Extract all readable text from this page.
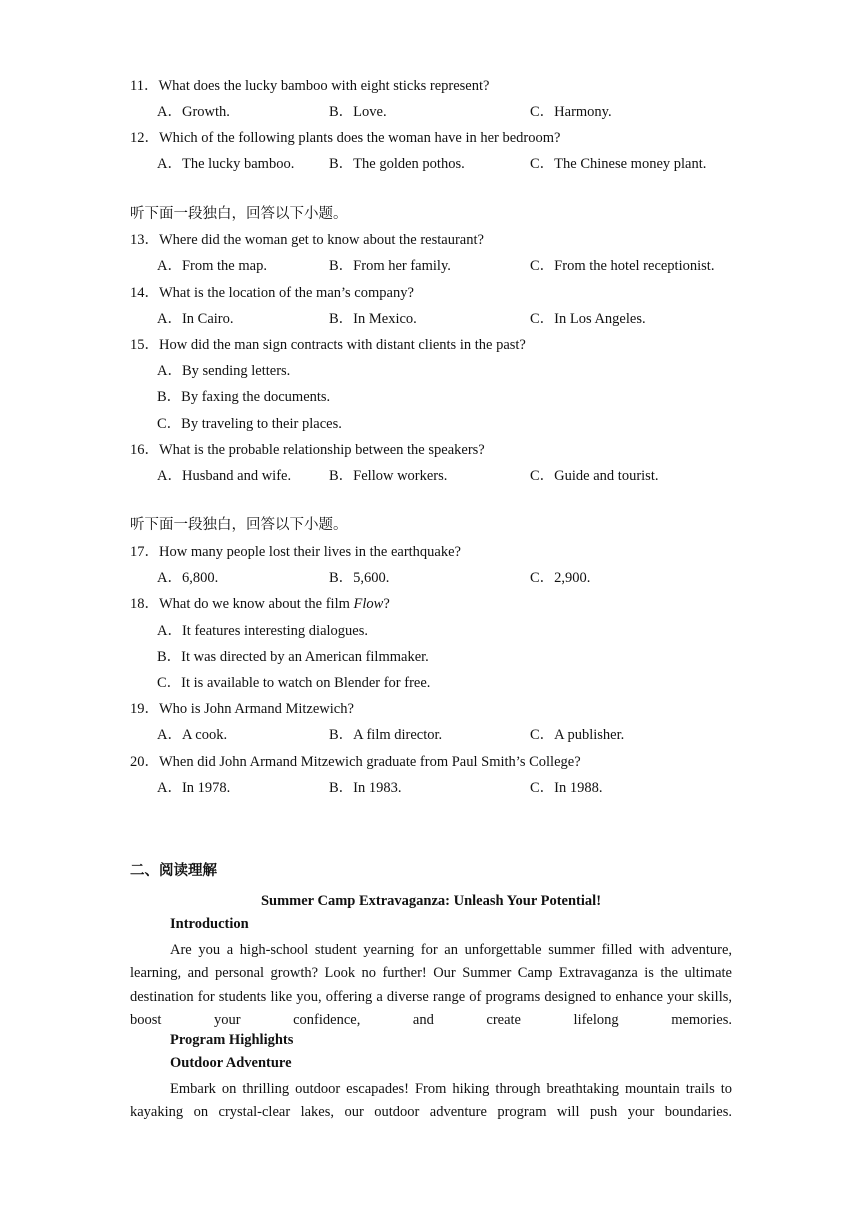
11．What does the lucky bamboo with eight sticks represent?
A．Growth.	B．Love.	C．Harmony.
12．Which of the following plants does the woman have in her bedroom?
A．The lucky bamboo. B．The golden pothos.	C．The Chinese money plant.
听下面一段独白，回答以下小题。
13．Where did the woman get to know about the restaurant?
A．From the map.	B．From her family.	C．From the hotel receptionist.
14．What is the location of the man’s company?
A．In Cairo.	B．In Mexico.	C．In Los Angeles.
15．How did the man sign contracts with distant clients in the past?
A．By sending letters.
B．By faxing the documents.
C．By traveling to their places.
16．What is the probable relationship between the speakers?
A．Husband and wife.	B．Fellow workers.	C．Guide and tourist.
听下面一段独白，回答以下小题。
17．How many people lost their lives in the earthquake?
A．6,800.	B．5,600.	C．2,900.
18．What do we know about the film Flow?
A．It features interesting dialogues.
B．It was directed by an American filmmaker.
C．It is available to watch on Blender for free.
19．Who is John Armand Mitzewich?
A．A cook.	B．A film director.	C．A publisher.
20．When did John Armand Mitzewich graduate from Paul Smith’s College?
A．In 1978.	B．In 1983.	C．In 1988.
二、阅读理解
Summer Camp Extravaganza: Unleash Your Potential!
Introduction

Are you a high-school student yearning for an unforgettable summer filled with adventure, learning, and personal growth? Look no further! Our Summer Camp Extravaganza is the ultimate destination for students like you, offering a diverse range of programs designed to enhance your skills, boost your confidence, and create lifelong memories.

Program Highlights
Outdoor Adventure

Embark on thrilling outdoor escapades! From hiking through breathtaking mountain trails to kayaking on crystal-clear lakes, our outdoor adventure program will push your boundaries.
